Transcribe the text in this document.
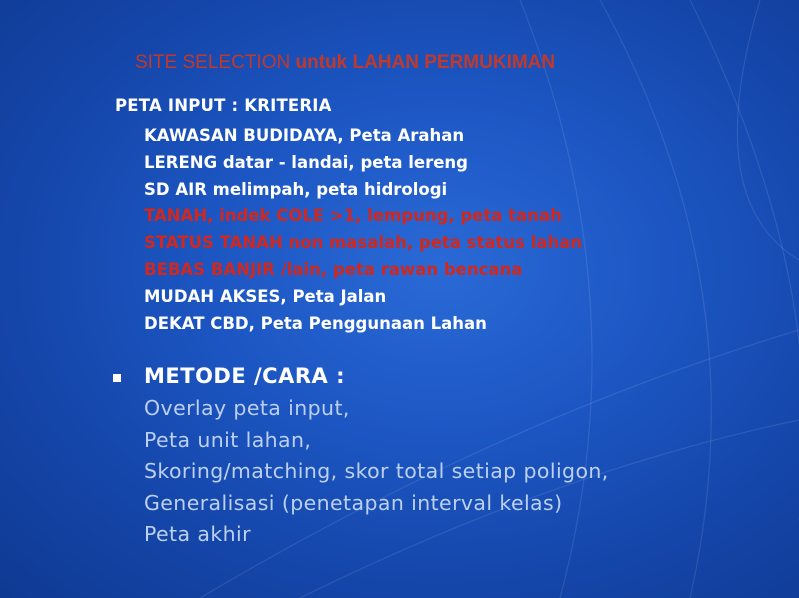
SITE SELECTION untuk LAHAN PERMUKIMAN
PETA INPUT : KRITERIA
KAWASAN BUDIDAYA, Peta Arahan
LERENG datar - landai, peta lereng
SD AIR melimpah, peta hidrologi
TANAH, indek COLE >1, lempung, peta tanah
STATUS TANAH non masalah, peta status lahan
BEBAS BANJIR /lain, peta rawan bencana
MUDAH AKSES, Peta Jalan
DEKAT CBD, Peta Penggunaan Lahan
METODE /CARA :
Overlay peta input,
Peta unit lahan,
Skoring/matching, skor total setiap poligon,
Generalisasi (penetapan interval kelas)
Peta akhir
